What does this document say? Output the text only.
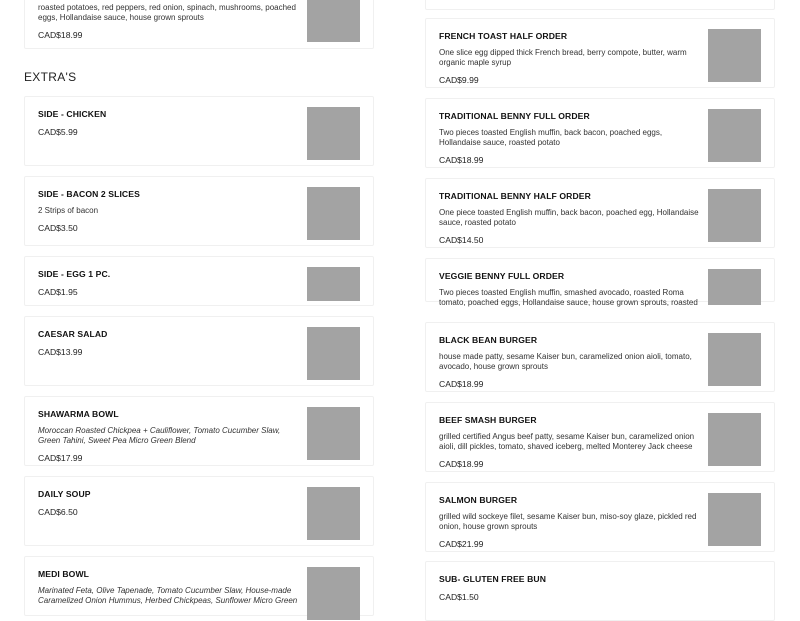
roasted potatoes, red peppers, red onion, spinach, mushrooms, poached eggs, Hollandaise sauce, house grown sprouts
CAD$18.99
EXTRA'S
SIDE - CHICKEN
CAD$5.99
SIDE - BACON 2 SLICES
2 Strips of bacon
CAD$3.50
SIDE - EGG 1 PC.
CAD$1.95
CAESAR SALAD
CAD$13.99
SHAWARMA BOWL
Moroccan Roasted Chickpea + Cauliflower, Tomato Cucumber Slaw, Green Tahini, Sweet Pea Micro Green Blend
CAD$17.99
DAILY SOUP
CAD$6.50
MEDI BOWL
Marinated Feta, Olive Tapenade, Tomato Cucumber Slaw, House-made Caramelized Onion Hummus, Herbed Chickpeas, Sunflower Micro Green
FRENCH TOAST HALF ORDER
One slice egg dipped thick French bread, berry compote, butter, warm organic maple syrup
CAD$9.99
TRADITIONAL BENNY FULL ORDER
Two pieces toasted English muffin, back bacon, poached eggs, Hollandaise sauce, roasted potato
CAD$18.99
TRADITIONAL BENNY HALF ORDER
One piece toasted English muffin, back bacon, poached egg, Hollandaise sauce, roasted potato
CAD$14.50
VEGGIE BENNY FULL ORDER
Two pieces toasted English muffin, smashed avocado, roasted Roma tomato, poached eggs, Hollandaise sauce, house grown sprouts, roasted
BLACK BEAN BURGER
house made patty, sesame Kaiser bun, caramelized onion aioli, tomato, avocado, house grown sprouts
CAD$18.99
BEEF SMASH BURGER
grilled certified Angus beef patty, sesame Kaiser bun, caramelized onion aioli, dill pickles, tomato, shaved iceberg, melted Monterey Jack cheese
CAD$18.99
SALMON BURGER
grilled wild sockeye filet, sesame Kaiser bun, miso-soy glaze, pickled red onion, house grown sprouts
CAD$21.99
SUB- GLUTEN FREE BUN
CAD$1.50
